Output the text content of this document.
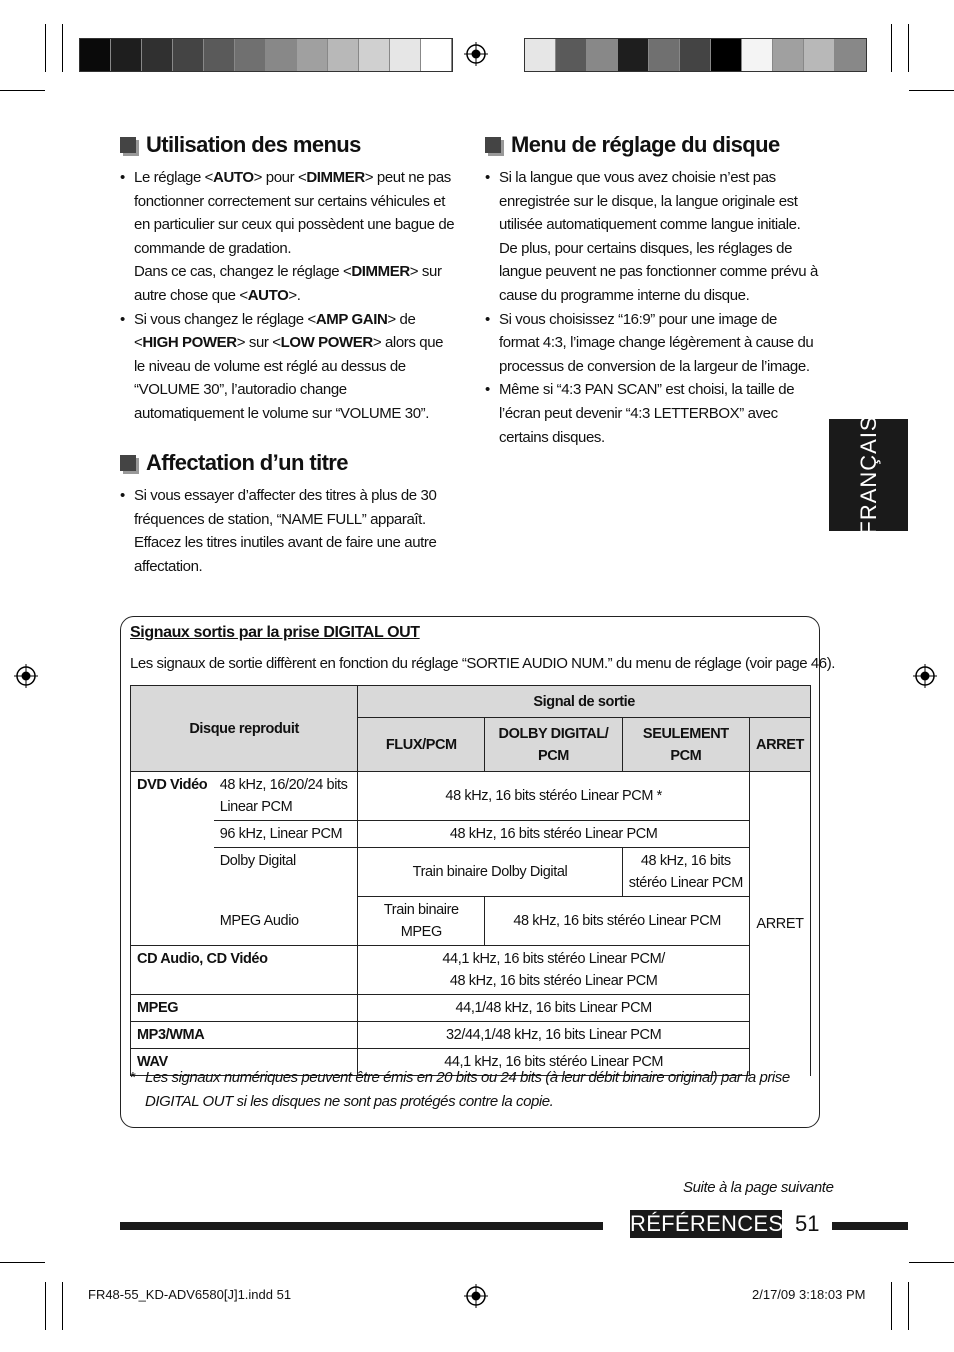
Utilisation des menus
• Le réglage <AUTO> pour <DIMMER> peut ne pas fonctionner correctement sur certains véhicules et en particulier sur ceux qui possèdent une bague de commande de gradation.
Dans ce cas, changez le réglage <DIMMER> sur autre chose que <AUTO>.
• Si vous changez le réglage <AMP GAIN> de <HIGH POWER> sur <LOW POWER> alors que le niveau de volume est réglé au dessus de “VOLUME 30”, l’autoradio change automatiquement le volume sur “VOLUME 30”.
Affectation d’un titre
• Si vous essayer d’affecter des titres à plus de 30 fréquences de station, “NAME FULL” apparaît. Effacez les titres inutiles avant de faire une autre affectation.
Menu de réglage du disque
• Si la langue que vous avez choisie n’est pas enregistrée sur le disque, la langue originale est utilisée automatiquement comme langue initiale. De plus, pour certains disques, les réglages de langue peuvent ne pas fonctionner comme prévu à cause du programme interne du disque.
• Si vous choisissez “16:9” pour une image de format 4:3, l’image change légèrement à cause du processus de conversion de la largeur de l’image.
• Même si “4:3 PAN SCAN” est choisi, la taille de l’écran peut devenir “4:3 LETTERBOX” avec certains disques.	FRANÇAIS
Signaux sortis par la prise DIGITAL OUT
Les signaux de sortie diffèrent en fonction du réglage “SORTIE AUDIO NUM.” du menu de réglage (voir page 46).
Disque reproduit		Signal de sortie			
		FLUX/PCM	DOLBY DIGITAL/ PCM	SEULEMENT PCM	ARRET
DVD Vidéo	48 kHz, 16/20/24 bits Linear PCM	48 kHz, 16 bits stéréo Linear PCM *			ARRET
	96 kHz, Linear PCM	48 kHz, 16 bits stéréo Linear PCM			
	Dolby Digital	Train binaire Dolby Digital		48 kHz, 16 bits stéréo Linear PCM	
	MPEG Audio	Train binaire MPEG	48 kHz, 16 bits stéréo Linear PCM		
CD Audio, CD Vidéo		44,1 kHz, 16 bits stéréo Linear PCM/
48 kHz, 16 bits stéréo Linear PCM			

MPEG		44,1/48 kHz, 16 bits Linear PCM			
MP3/WMA		32/44,1/48 kHz, 16 bits Linear PCM			
WAV		44,1 kHz, 16 bits stéréo Linear PCM			
* Les signaux numériques peuvent être émis en 20 bits ou 24 bits (à leur débit binaire original) par la prise DIGITAL OUT si les disques ne sont pas protégés contre la copie.
Suite à la page suivante
RÉFÉRENCES 51
FR48-55_KD-ADV6580[J]1.indd 51	2/17/09 3:18:03 PM
